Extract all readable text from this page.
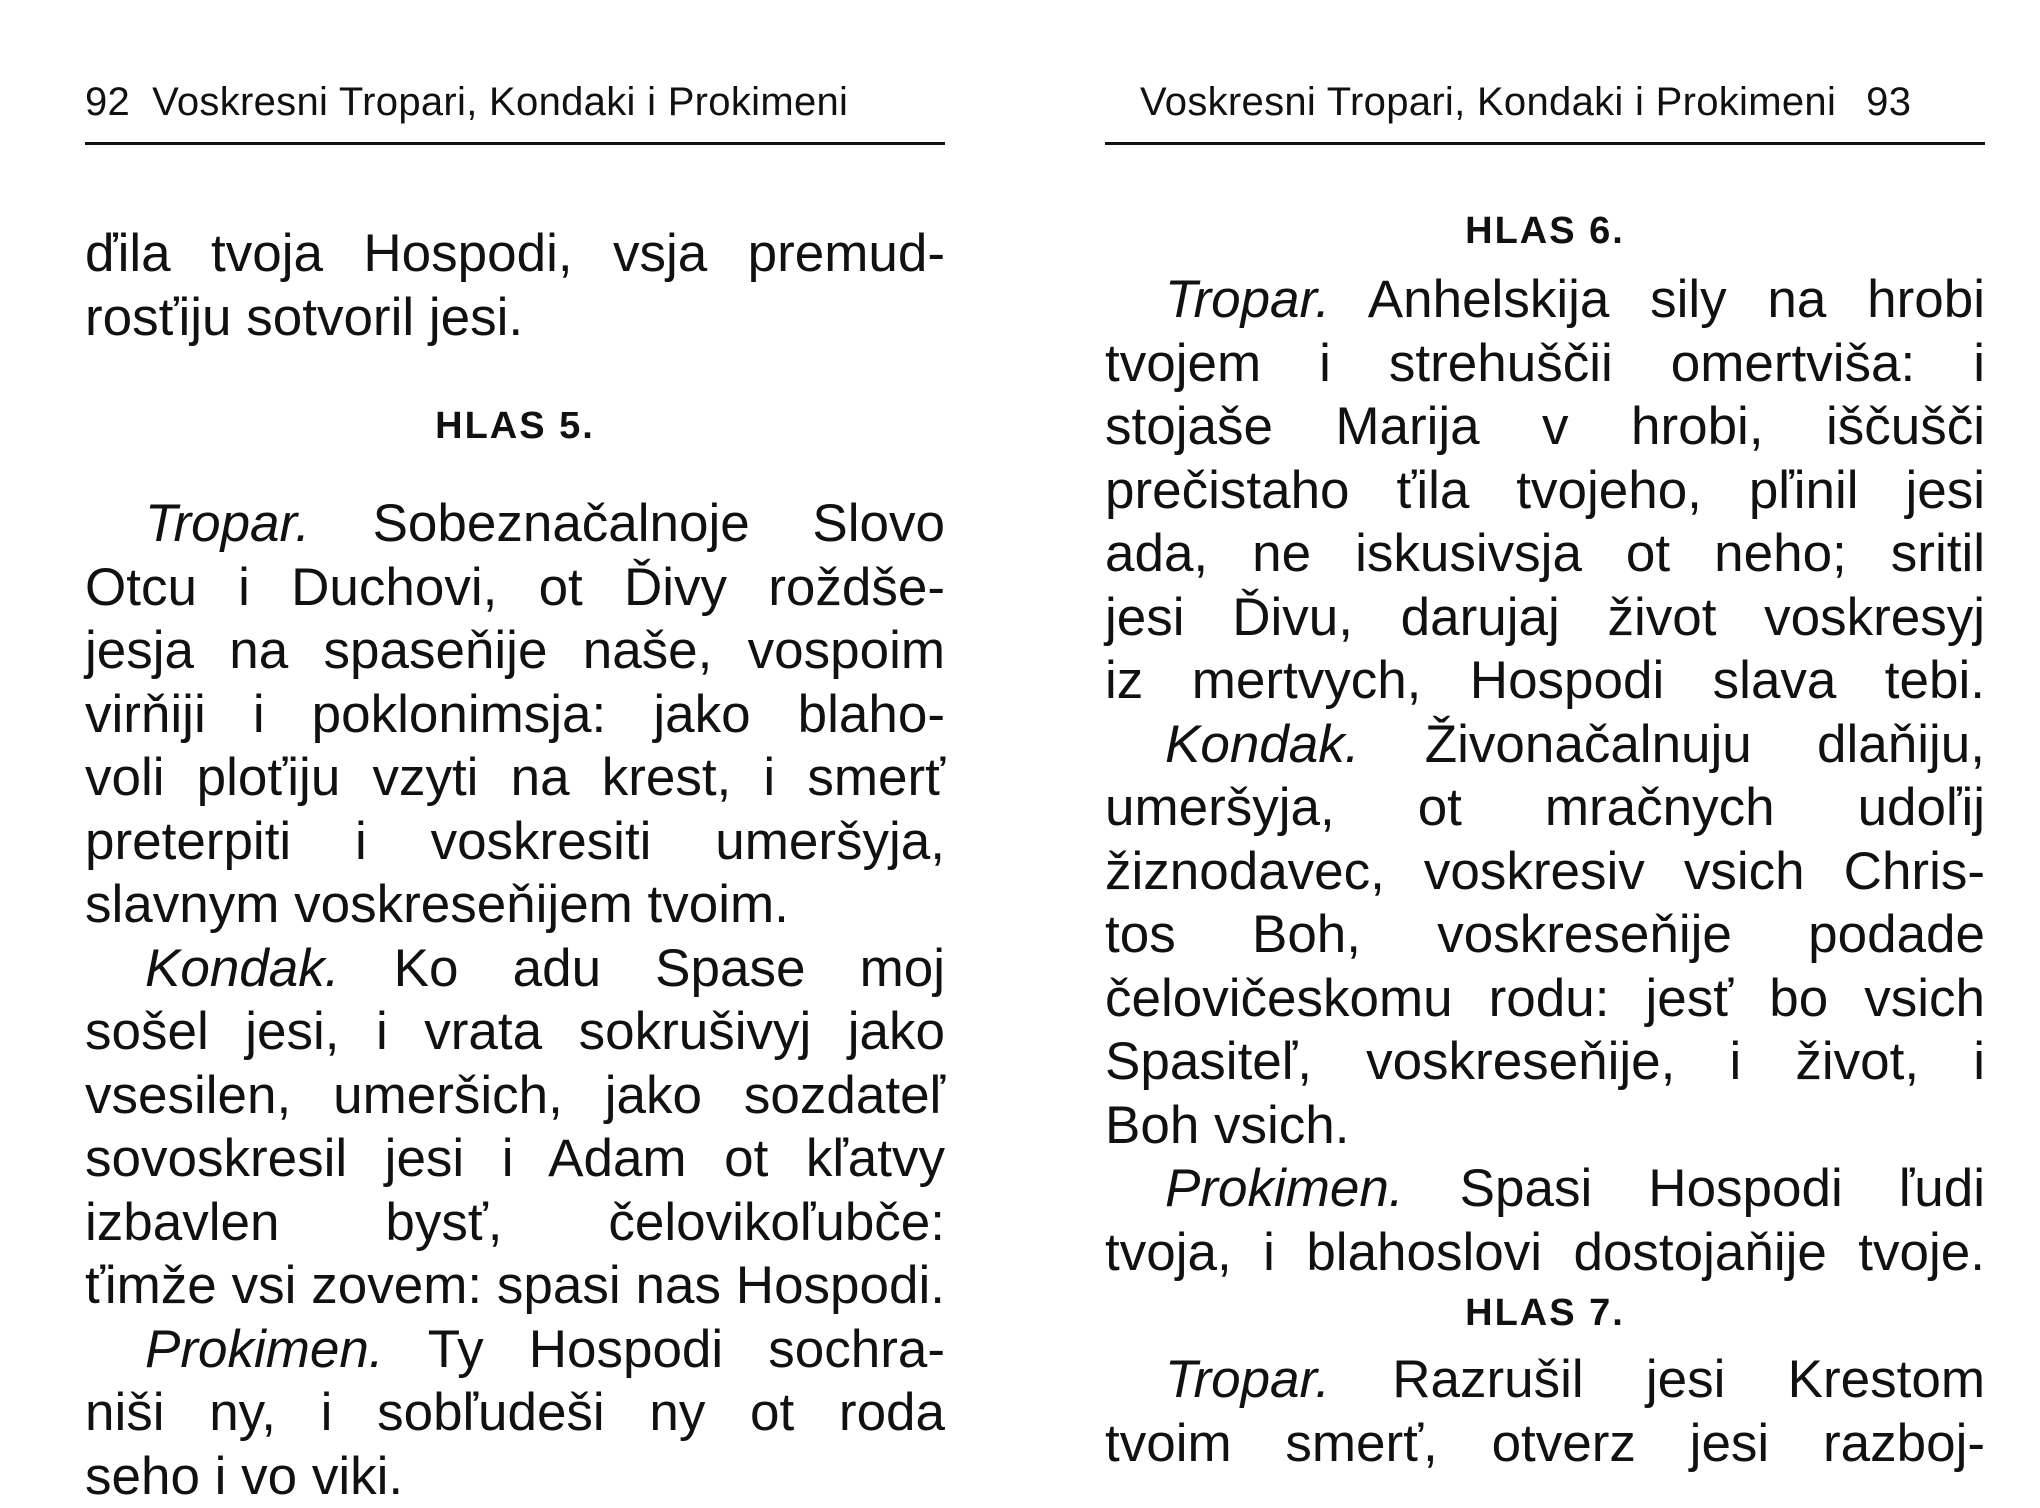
92 Voskresni Tropari, Kondaki i Prokimeni
ďila tvoja Hospodi, vsja premud-
rosťiju sotvoril jesi.
HLAS 5.
Tropar. Sobeznačalnoje Slovo
Otcu i Duchovi, ot Ďivy roždše-
jesja na spaseňije naše, vospoim
virňiji i poklonimsja: jako blaho-
voli ploťiju vzyti na krest, i smerť
preterpiti i voskresiti umeršyja,
slavnym voskreseňijem tvoim.
Kondak. Ko adu Spase moj
sošel jesi, i vrata sokrušivyj jako
vsesilen, umeršich, jako sozdateľ
sovoskresil jesi i Adam ot kľatvy
izbavlen bysť, čelovikoľubče:
ťimže vsi zovem: spasi nas Hospodi.
Prokimen. Ty Hospodi sochra-
niši ny, i sobľudeši ny ot roda
seho i vo viki.
Voskresni Tropari, Kondaki i Prokimeni 93
HLAS 6.
Tropar. Anhelskija sily na hrobi
tvojem i strehuščii omertviša: i
stojaše Marija v hrobi, iščušči
prečistaho ťila tvojeho, pľinil jesi
ada, ne iskusivsja ot neho; sritil
jesi Ďivu, darujaj život voskresyj
iz mertvych, Hospodi slava tebi.
Kondak. Živonačalnuju dlaňiju,
umeršyja, ot mračnych udoľij
žiznodavec, voskresiv vsich Chris-
tos Boh, voskreseňije podade
čelovičeskomu rodu: jesť bo vsich
Spasiteľ, voskreseňije, i život, i
Boh vsich.
Prokimen. Spasi Hospodi ľudi
tvoja, i blahoslovi dostojaňije tvoje.
HLAS 7.
Tropar. Razrušil jesi Krestom
tvoim smerť, otverz jesi razboj-
